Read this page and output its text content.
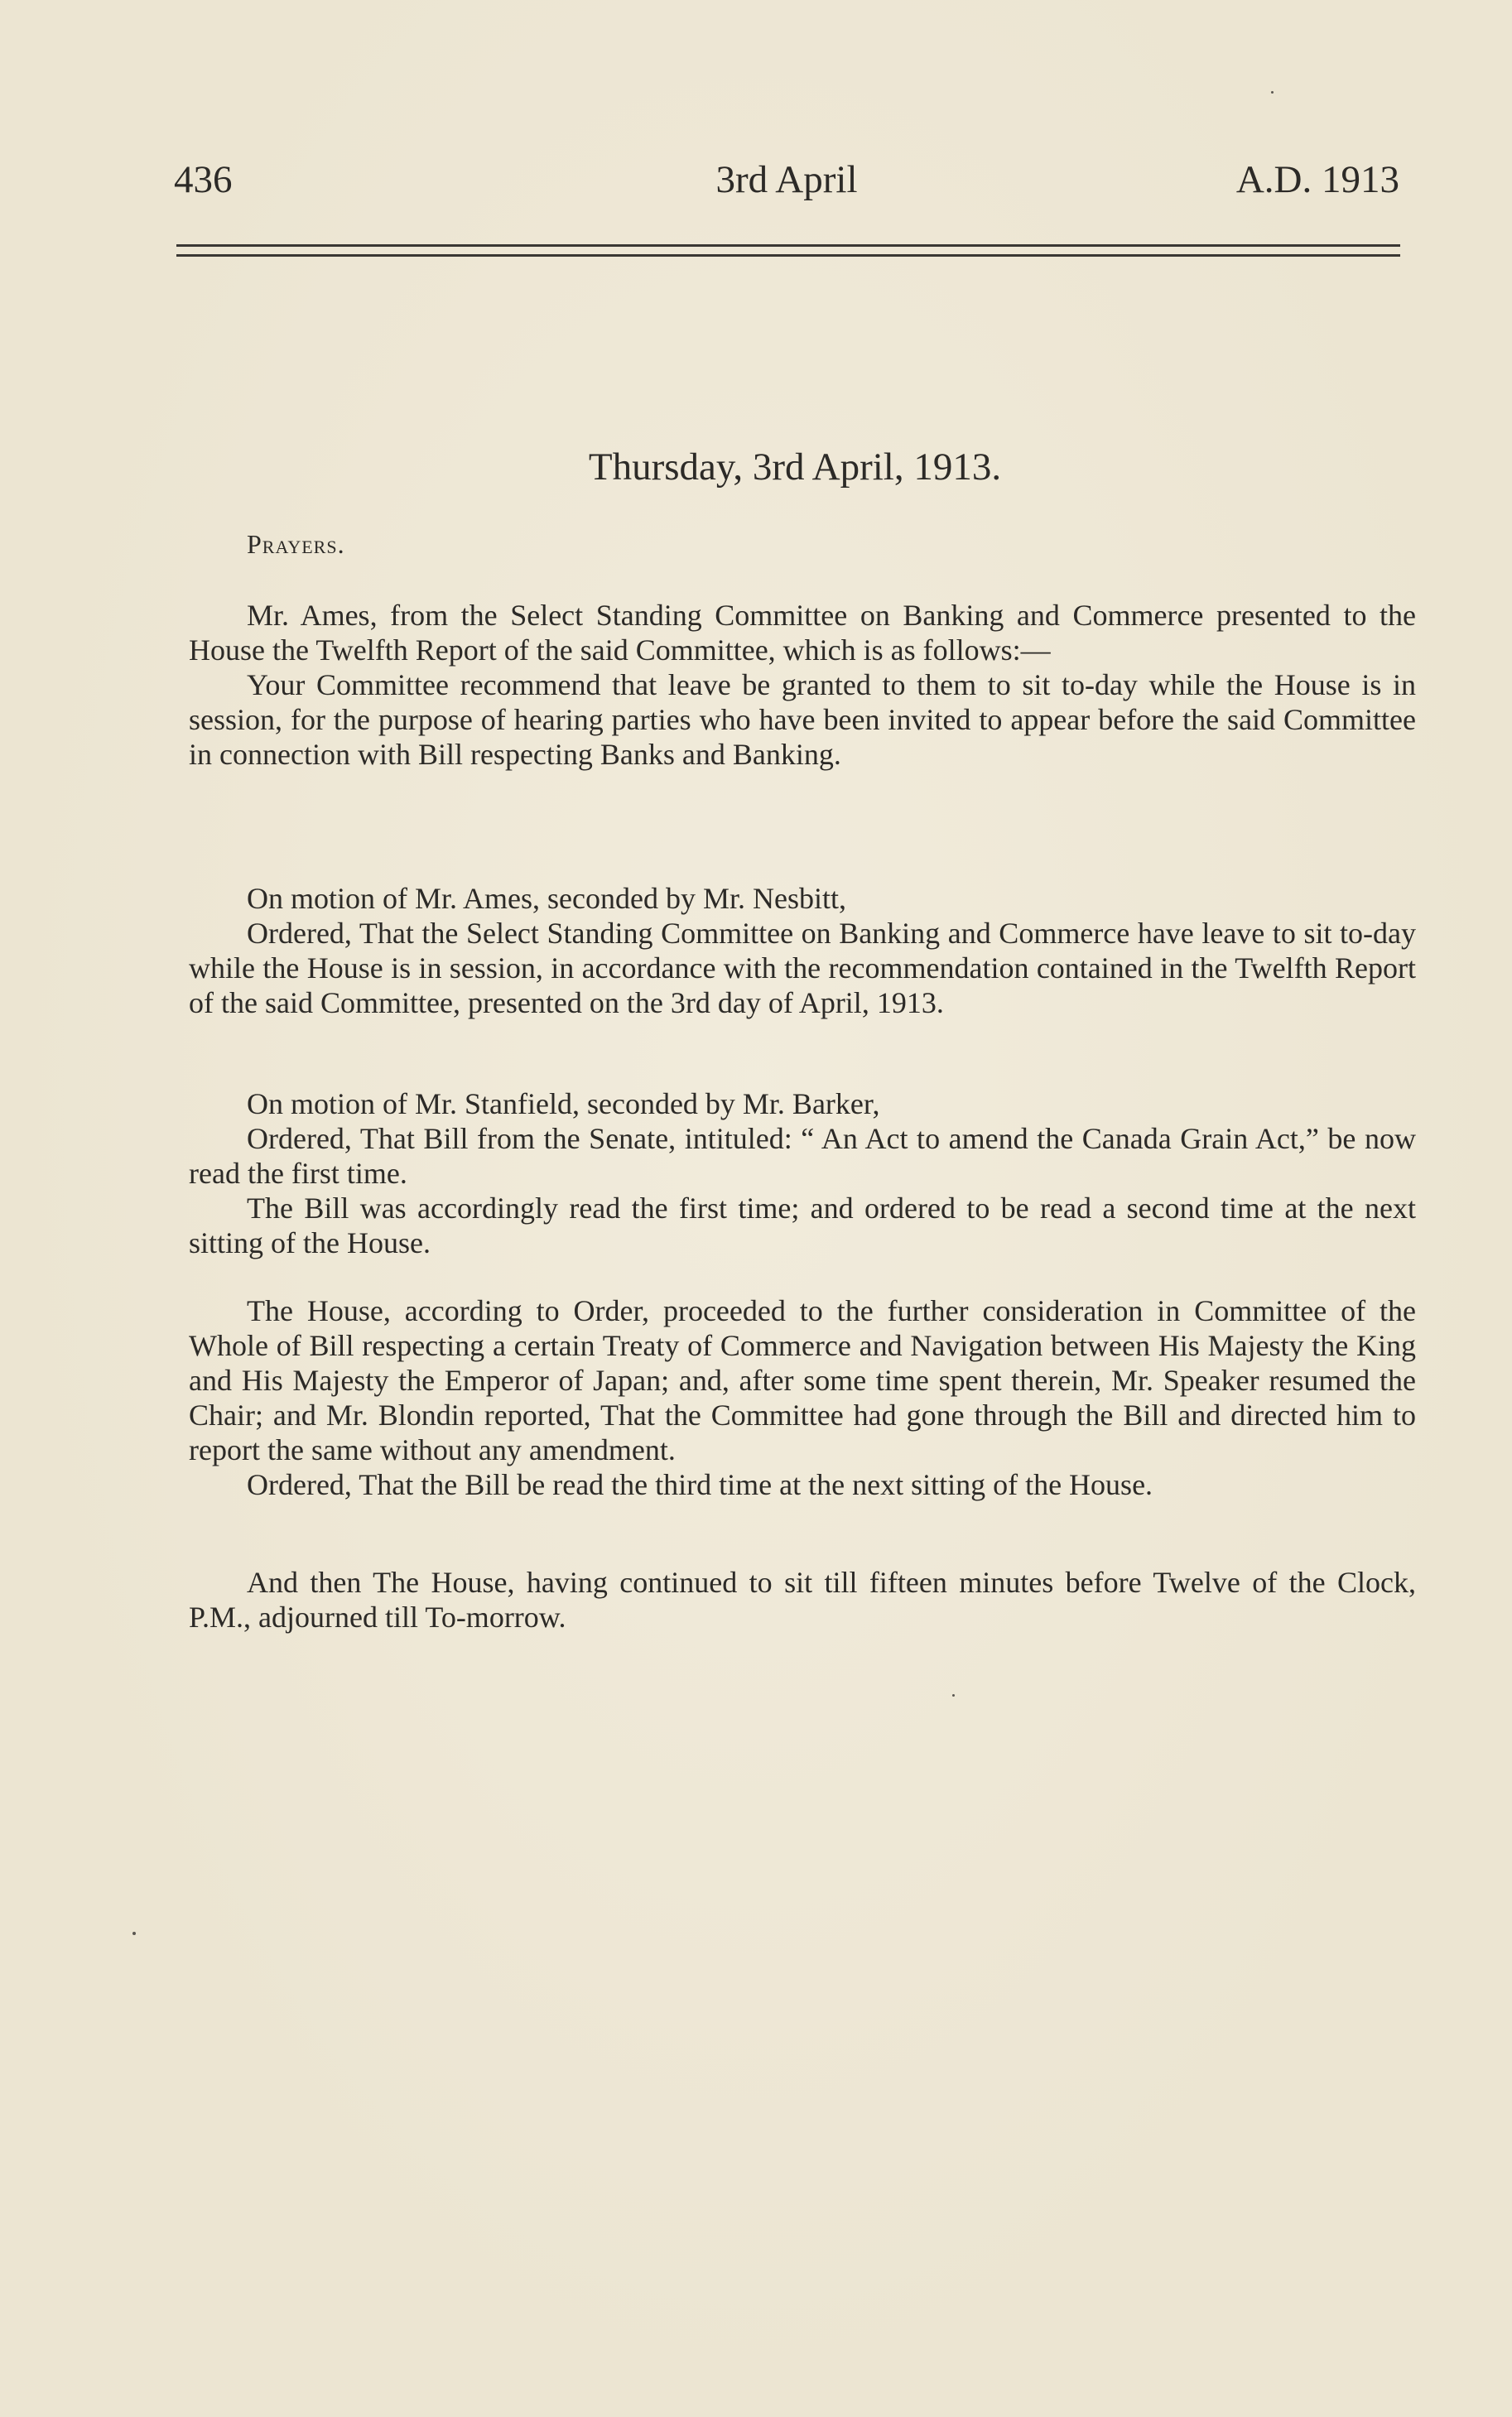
436	3rd April	A.D. 1913
Thursday, 3rd April, 1913.

Prayers.

Mr. Ames, from the Select Standing Committee on Banking and Commerce presented to the House the Twelfth Report of the said Committee, which is as follows:—

Your Committee recommend that leave be granted to them to sit to-day while the House is in session, for the purpose of hearing parties who have been invited to appear before the said Committee in connection with Bill respecting Banks and Banking.

On motion of Mr. Ames, seconded by Mr. Nesbitt,

Ordered, That the Select Standing Committee on Banking and Commerce have leave to sit to-day while the House is in session, in accordance with the recommendation contained in the Twelfth Report of the said Committee, presented on the 3rd day of April, 1913.

On motion of Mr. Stanfield, seconded by Mr. Barker,

Ordered, That Bill from the Senate, intituled: “ An Act to amend the Canada Grain Act,” be now read the first time.

The Bill was accordingly read the first time; and ordered to be read a second time at the next sitting of the House.

The House, according to Order, proceeded to the further consideration in Committee of the Whole of Bill respecting a certain Treaty of Commerce and Navigation between His Majesty the King and His Majesty the Emperor of Japan; and, after some time spent therein, Mr. Speaker resumed the Chair; and Mr. Blondin reported, That the Committee had gone through the Bill and directed him to report the same without any amendment.

Ordered, That the Bill be read the third time at the next sitting of the House.

And then The House, having continued to sit till fifteen minutes before Twelve of the Clock, P.M., adjourned till To-morrow.
